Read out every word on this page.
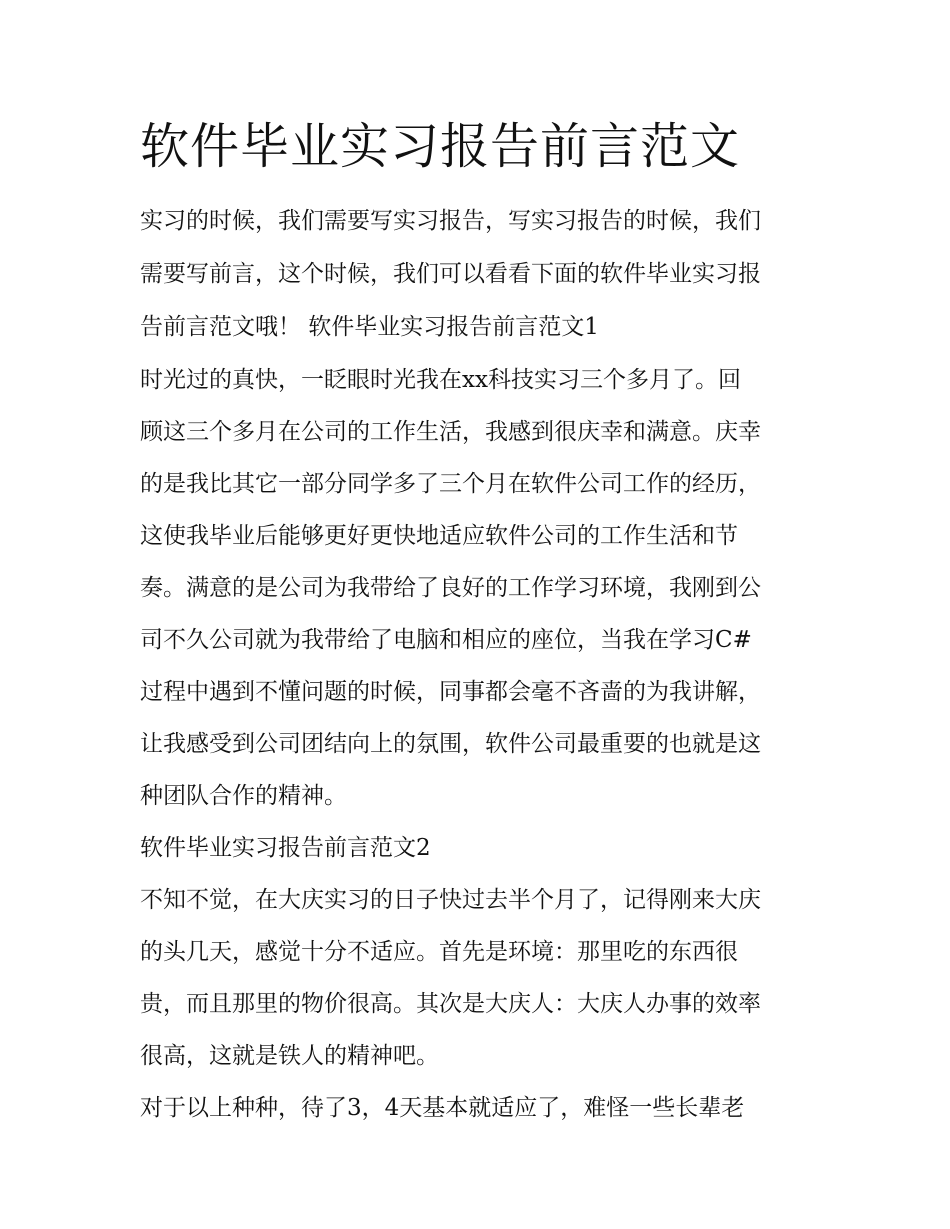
软件毕业实习报告前言范文

实习的时候，我们需要写实习报告，写实习报告的时候，我们

需要写前言，这个时候，我们可以看看下面的软件毕业实习报

告前言范文哦！ 软件毕业实习报告前言范文1

时光过的真快，一眨眼时光我在xx科技实习三个多月了。回

顾这三个多月在公司的工作生活，我感到很庆幸和满意。庆幸

的是我比其它一部分同学多了三个月在软件公司工作的经历，

这使我毕业后能够更好更快地适应软件公司的工作生活和节

奏。满意的是公司为我带给了良好的工作学习环境，我刚到公

司不久公司就为我带给了电脑和相应的座位，当我在学习C#

过程中遇到不懂问题的时候，同事都会毫不吝啬的为我讲解，

让我感受到公司团结向上的氛围，软件公司最重要的也就是这

种团队合作的精神。

软件毕业实习报告前言范文2

不知不觉，在大庆实习的日子快过去半个月了，记得刚来大庆

的头几天，感觉十分不适应。首先是环境：那里吃的东西很

贵，而且那里的物价很高。其次是大庆人：大庆人办事的效率

很高，这就是铁人的精神吧。

对于以上种种，待了3，4天基本就适应了，难怪一些长辈老
